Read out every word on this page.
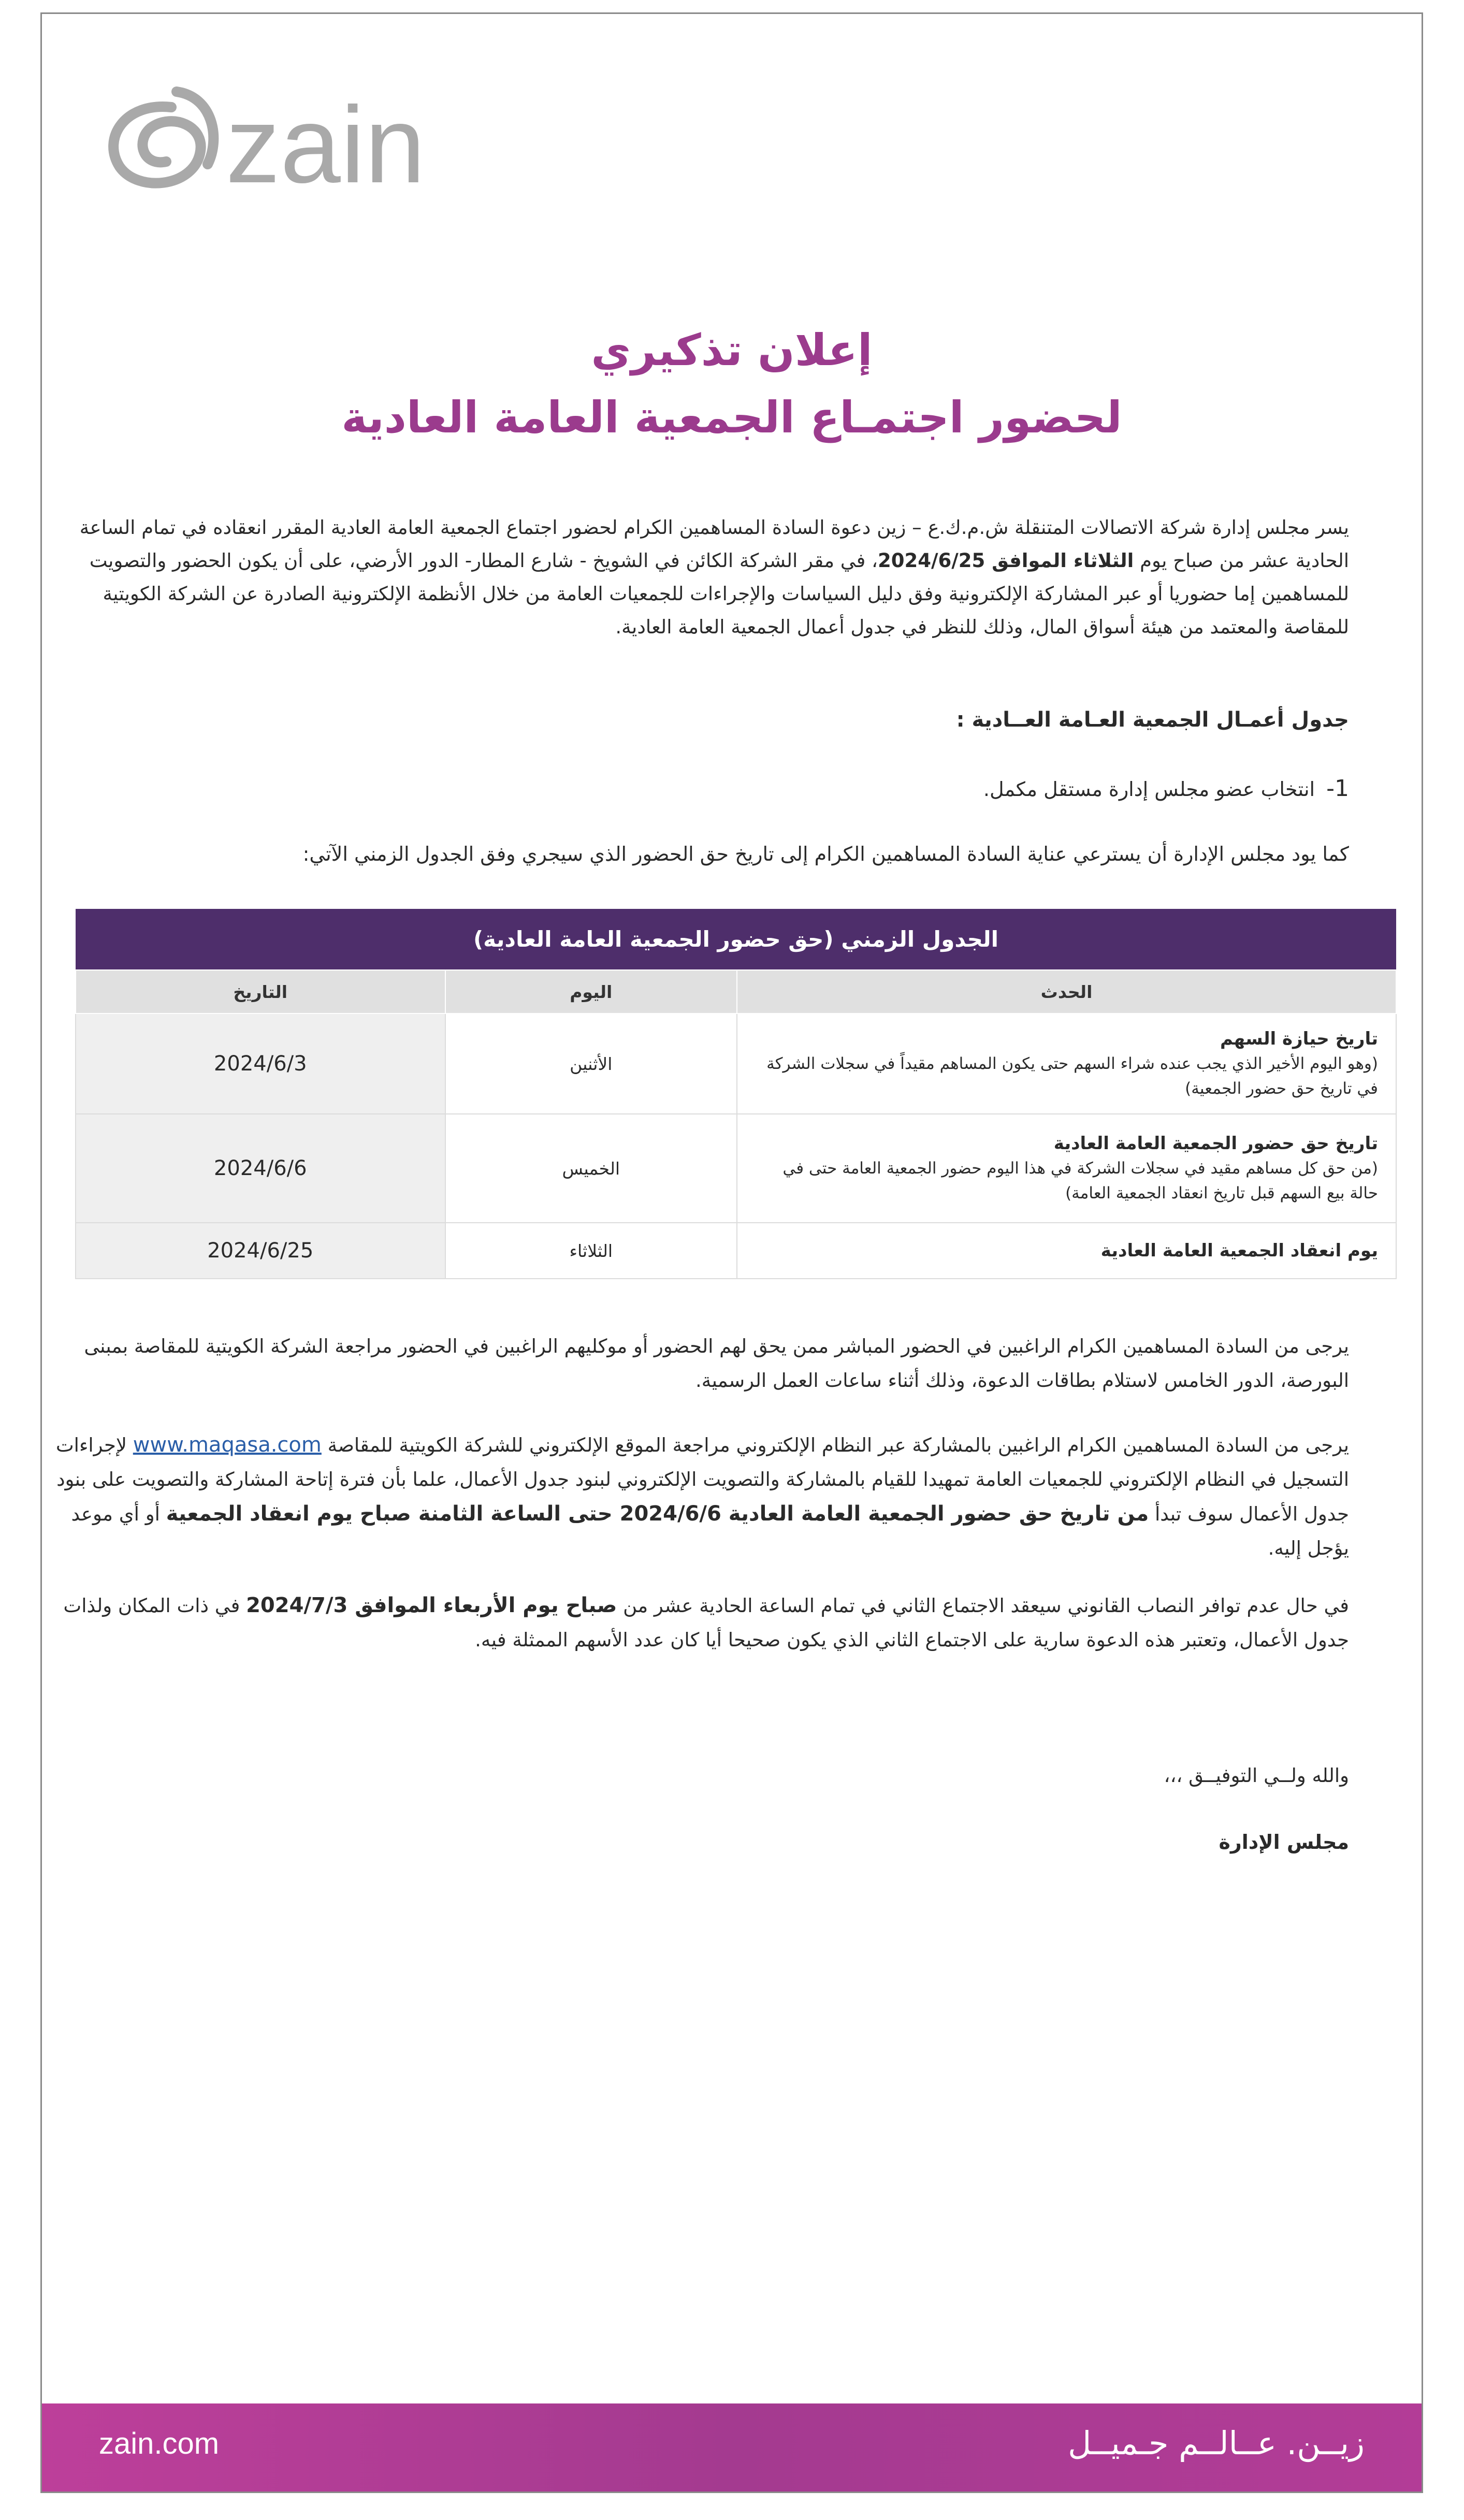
zain
إعلان تذكيري
لحضور اجتمـاع الجمعية العامة العادية
يسر مجلس إدارة شركة الاتصالات المتنقلة ش.م.ك.ع – زين دعوة السادة المساهمين الكرام لحضور اجتماع الجمعية العامة العادية المقرر انعقاده في تمام الساعة الحادية عشر من صباح يوم الثلاثاء الموافق 2024/6/25، في مقر الشركة الكائن في الشويخ - شارع المطار- الدور الأرضي، على أن يكون الحضور والتصويت للمساهمين إما حضوريا أو عبر المشاركة الإلكترونية وفق دليل السياسات والإجراءات للجمعيات العامة من خلال الأنظمة الإلكترونية الصادرة عن الشركة الكويتية للمقاصة والمعتمد من هيئة أسواق المال، وذلك للنظر في جدول أعمال الجمعية العامة العادية.
جدول أعمـال الجمعية العـامة العــادية :
1-انتخاب عضو مجلس إدارة مستقل مكمل.
كما يود مجلس الإدارة أن يسترعي عناية السادة المساهمين الكرام إلى تاريخ حق الحضور الذي سيجري وفق الجدول الزمني الآتي:
الجدول الزمني (حق حضور الجمعية العامة العادية)		
الحدث	اليوم	التاريخ

تاريخ حيازة السهم
(وهو اليوم الأخير الذي يجب عنده شراء السهم حتى يكون المساهم مقيداً في سجلات الشركة في تاريخ حق حضور الجمعية)	الأثنين	2024/6/3

تاريخ حق حضور الجمعية العامة العادية
(من حق كل مساهم مقيد في سجلات الشركة في هذا اليوم حضور الجمعية العامة حتى في حالة بيع السهم قبل تاريخ انعقاد الجمعية العامة)	الخميس	2024/6/6

يوم انعقاد الجمعية العامة العادية	الثلاثاء	2024/6/25
يرجى من السادة المساهمين الكرام الراغبين في الحضور المباشر ممن يحق لهم الحضور أو موكليهم الراغبين في الحضور مراجعة الشركة الكويتية للمقاصة بمبنى البورصة، الدور الخامس لاستلام بطاقات الدعوة، وذلك أثناء ساعات العمل الرسمية.
يرجى من السادة المساهمين الكرام الراغبين بالمشاركة عبر النظام الإلكتروني مراجعة الموقع الإلكتروني للشركة الكويتية للمقاصة www.maqasa.com لإجراءات التسجيل في النظام الإلكتروني للجمعيات العامة تمهيدا للقيام بالمشاركة والتصويت الإلكتروني لبنود جدول الأعمال، علما بأن فترة إتاحة المشاركة والتصويت على بنود جدول الأعمال سوف تبدأ من تاريخ حق حضور الجمعية العامة العادية 2024/6/6 حتى الساعة الثامنة صباح يوم انعقاد الجمعية أو أي موعد يؤجل إليه.
في حال عدم توافر النصاب القانوني سيعقد الاجتماع الثاني في تمام الساعة الحادية عشر من صباح يوم الأربعاء الموافق 2024/7/3 في ذات المكان ولذات جدول الأعمال، وتعتبر هذه الدعوة سارية على الاجتماع الثاني الذي يكون صحيحا أيا كان عدد الأسهم الممثلة فيه.
والله ولــي التوفيــق ،،،
مجلس الإدارة
zain.com	زيــن. عــالــم جـميــل
